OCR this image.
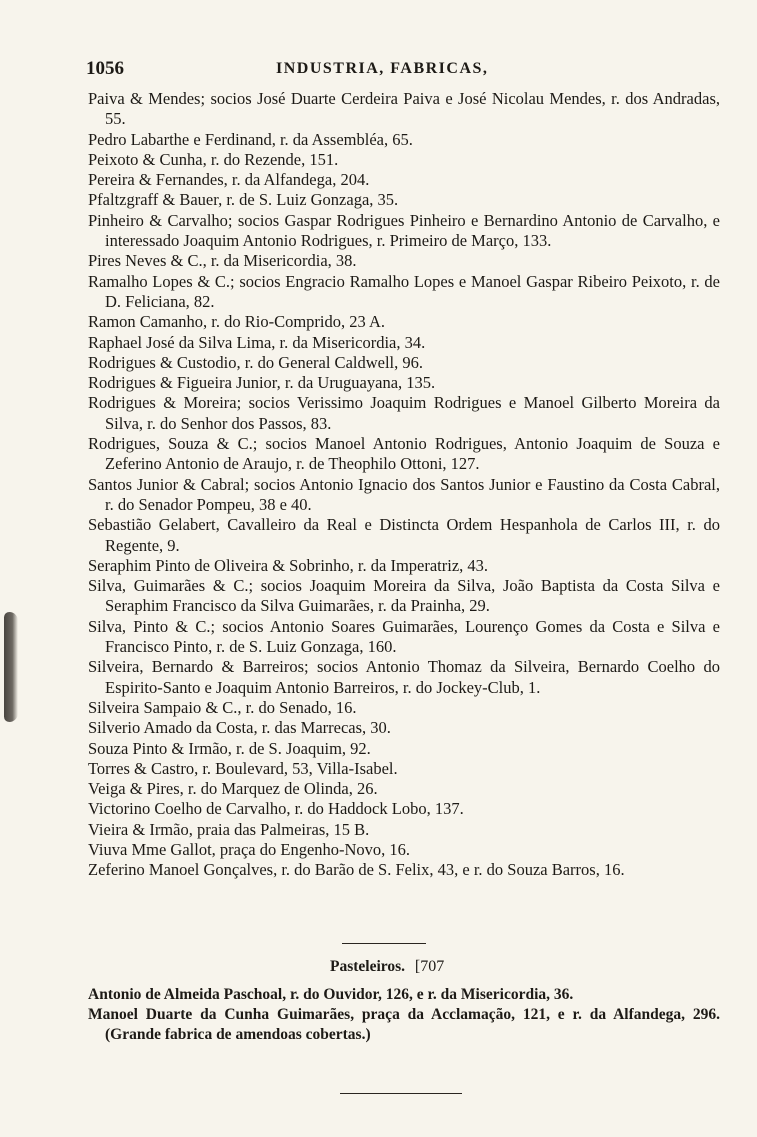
1056	INDUSTRIA, FABRICAS,

Paiva & Mendes; socios José Duarte Cerdeira Paiva e José Nicolau Mendes, r. dos Andradas, 55.

Pedro Labarthe e Ferdinand, r. da Assembléa, 65.

Peixoto & Cunha, r. do Rezende, 151.

Pereira & Fernandes, r. da Alfandega, 204.

Pfaltzgraff & Bauer, r. de S. Luiz Gonzaga, 35.

Pinheiro & Carvalho; socios Gaspar Rodrigues Pinheiro e Bernardino Antonio de Carvalho, e interessado Joaquim Antonio Rodrigues, r. Primeiro de Março, 133.

Pires Neves & C., r. da Misericordia, 38.

Ramalho Lopes & C.; socios Engracio Ramalho Lopes e Manoel Gaspar Ribeiro Peixoto, r. de D. Feliciana, 82.

Ramon Camanho, r. do Rio-Comprido, 23 A.

Raphael José da Silva Lima, r. da Misericordia, 34.

Rodrigues & Custodio, r. do General Caldwell, 96.

Rodrigues & Figueira Junior, r. da Uruguayana, 135.

Rodrigues & Moreira; socios Verissimo Joaquim Rodrigues e Manoel Gilberto Moreira da Silva, r. do Senhor dos Passos, 83.

Rodrigues, Souza & C.; socios Manoel Antonio Rodrigues, Antonio Joaquim de Souza e Zeferino Antonio de Araujo, r. de Theophilo Ottoni, 127.

Santos Junior & Cabral; socios Antonio Ignacio dos Santos Junior e Faustino da Costa Cabral, r. do Senador Pompeu, 38 e 40.

Sebastião Gelabert, Cavalleiro da Real e Distincta Ordem Hespanhola de Carlos III, r. do Regente, 9.

Seraphim Pinto de Oliveira & Sobrinho, r. da Imperatriz, 43.

Silva, Guimarães & C.; socios Joaquim Moreira da Silva, João Baptista da Costa Silva e Seraphim Francisco da Silva Guimarães, r. da Prainha, 29.

Silva, Pinto & C.; socios Antonio Soares Guimarães, Lourenço Gomes da Costa e Silva e Francisco Pinto, r. de S. Luiz Gonzaga, 160.

Silveira, Bernardo & Barreiros; socios Antonio Thomaz da Silveira, Bernardo Coelho do Espirito-Santo e Joaquim Antonio Barreiros, r. do Jockey-Club, 1.

Silveira Sampaio & C., r. do Senado, 16.

Silverio Amado da Costa, r. das Marrecas, 30.

Souza Pinto & Irmão, r. de S. Joaquim, 92.

Torres & Castro, r. Boulevard, 53, Villa-Isabel.

Veiga & Pires, r. do Marquez de Olinda, 26.

Victorino Coelho de Carvalho, r. do Haddock Lobo, 137.

Vieira & Irmão, praia das Palmeiras, 15 B.

Viuva Mme Gallot, praça do Engenho-Novo, 16.

Zeferino Manoel Gonçalves, r. do Barão de S. Felix, 43, e r. do Souza Barros, 16.

Pasteleiros. [707

Antonio de Almeida Paschoal, r. do Ouvidor, 126, e r. da Misericordia, 36.

Manoel Duarte da Cunha Guimarães, praça da Acclamação, 121, e r. da Alfandega, 296. (Grande fabrica de amendoas cobertas.)
